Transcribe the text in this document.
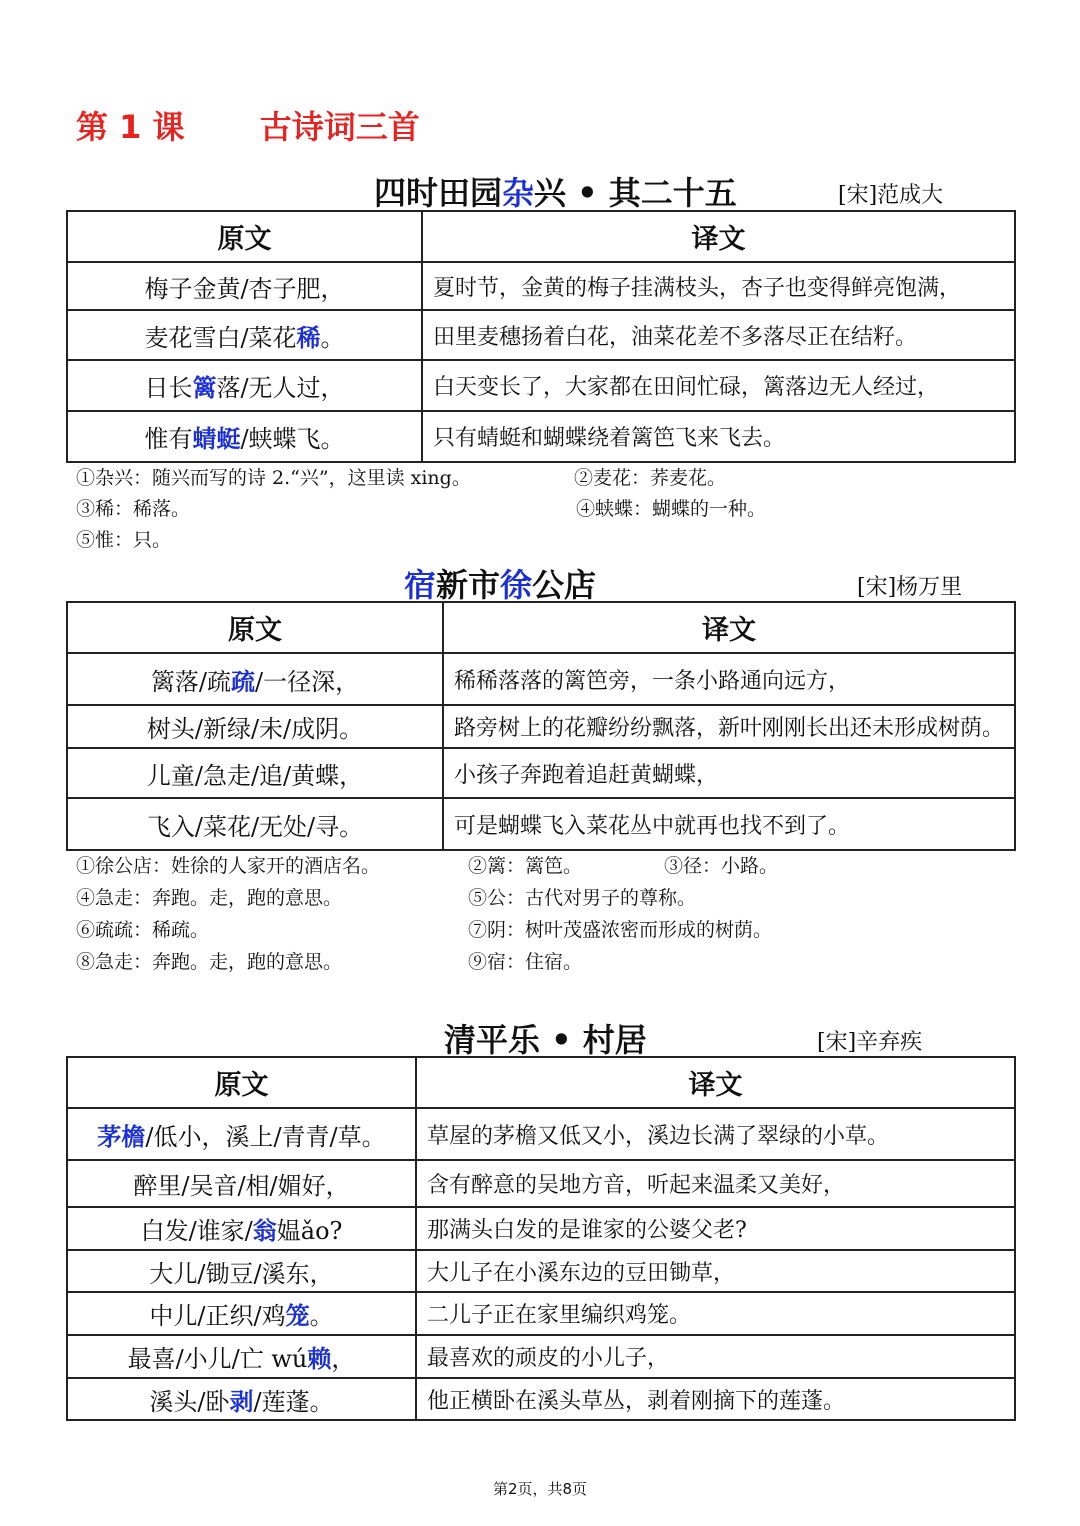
第 1 课 古诗词三首
四时田园杂兴 • 其二十五	[宋]范成大
原文	译文
梅子金黄/杏子肥，	夏时节，金黄的梅子挂满枝头，杏子也变得鲜亮饱满，
麦花雪白/菜花稀。	田里麦穗扬着白花，油菜花差不多落尽正在结籽。
日长篱落/无人过，	白天变长了，大家都在田间忙碌，篱落边无人经过，
惟有蜻蜓/蛱蝶飞。	只有蜻蜓和蝴蝶绕着篱笆飞来飞去。
①杂兴：随兴而写的诗 2.“兴”，这里读 xing。	②麦花：荞麦花。
③稀：稀落。	④蛱蝶：蝴蝶的一种。
⑤惟：只。
宿新市徐公店	[宋]杨万里
原文	译文
篱落/疏疏/一径深，	稀稀落落的篱笆旁，一条小路通向远方，
树头/新绿/未/成阴。	路旁树上的花瓣纷纷飘落，新叶刚刚长出还未形成树荫。
儿童/急走/追/黄蝶，	小孩子奔跑着追赶黄蝴蝶，
飞入/菜花/无处/寻。	可是蝴蝶飞入菜花丛中就再也找不到了。
①徐公店：姓徐的人家开的酒店名。	②篱：篱笆。	③径：小路。
④急走：奔跑。走，跑的意思。	⑤公：古代对男子的尊称。
⑥疏疏：稀疏。	⑦阴：树叶茂盛浓密而形成的树荫。
⑧急走：奔跑。走，跑的意思。	⑨宿：住宿。
清平乐 • 村居	[宋]辛弃疾
原文	译文
茅檐/低小，溪上/青青/草。	草屋的茅檐又低又小，溪边长满了翠绿的小草。
醉里/吴音/相/媚好，	含有醉意的吴地方音，听起来温柔又美好，
白发/谁家/翁媪ǎo?	那满头白发的是谁家的公婆父老?
大儿/锄豆/溪东，	大儿子在小溪东边的豆田锄草，
中儿/正织/鸡笼。	二儿子正在家里编织鸡笼。
最喜/小儿/亡 wú赖，	最喜欢的顽皮的小儿子，
溪头/卧剥/莲蓬。	他正横卧在溪头草丛，剥着刚摘下的莲蓬。
第2页，共8页
